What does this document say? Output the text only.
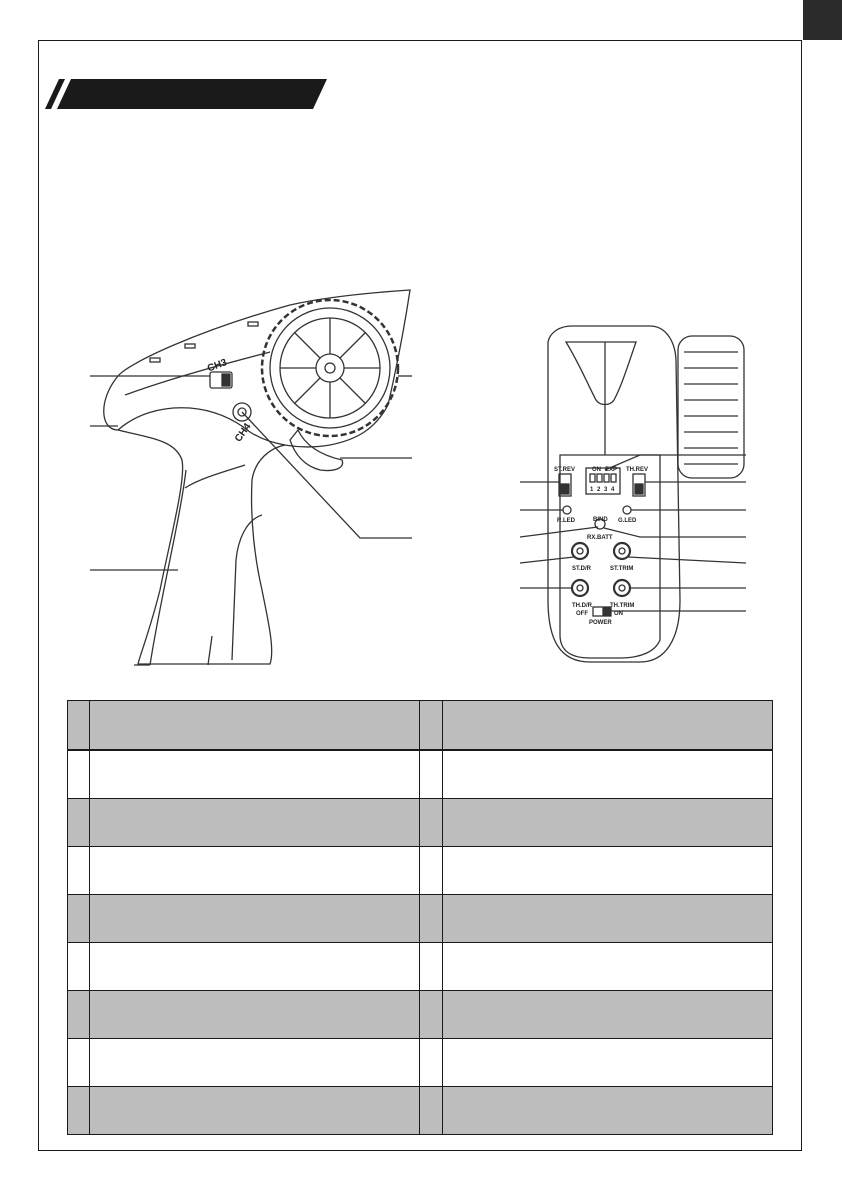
CH3
CH4
ON EXP
1 2 3 4
ST.REV	TH.REV
R.LED	BIND G.LED
RX.BATT
ST.D/R	ST.TRIM
TH.D/R	TH.TRIM
OFF	ON
POWER
